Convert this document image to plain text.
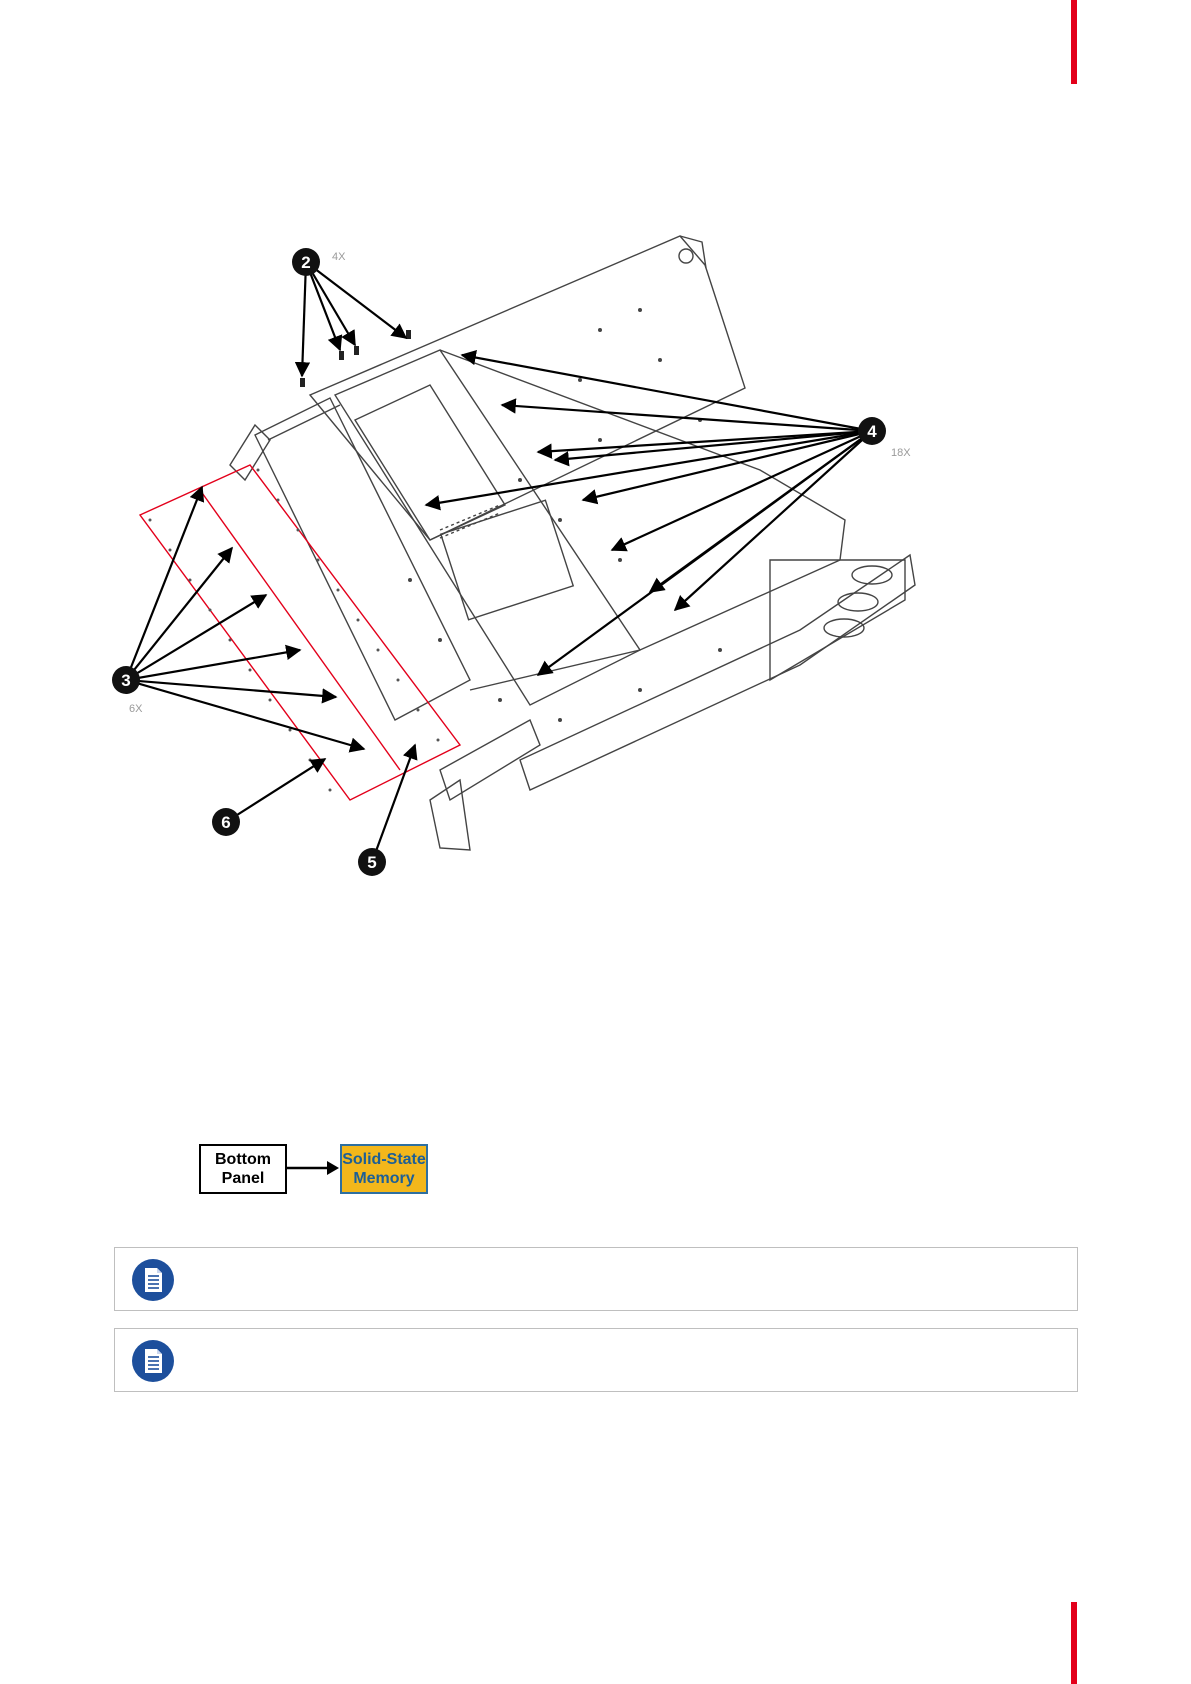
2 4X
4
18X
3
6X
6
5
Bottom
Panel
Solid-State
Memory
